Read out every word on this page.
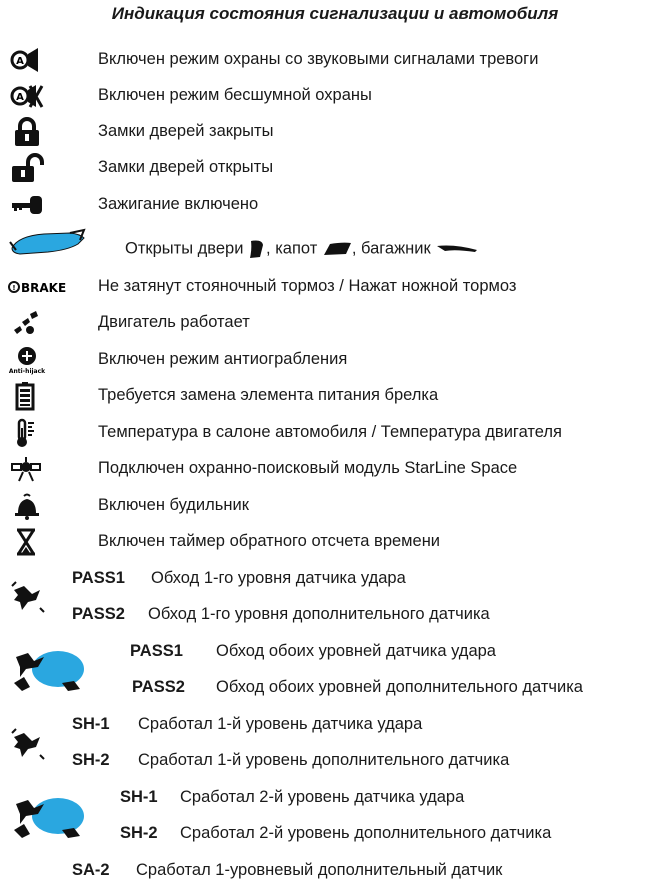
Индикация состояния сигнализации и автомобиля
A	Включен режим охраны со звуковыми сигналами тревоги
A	Включен режим бесшумной охраны
Замки дверей закрыты
Замки дверей открыты
Зажигание включено
Открыты двери , капот , багажник
! BRAKE Не затянут стояночный тормоз / Нажат ножной тормоз
Двигатель работает
Anti-hijack
Включен режим антиограбления
Требуется замена элемента питания брелка
Температура в салоне автомобиля / Температура двигателя
Подключен охранно-поисковый модуль StarLine Space
Включен будильник
Включен таймер обратного отсчета времени
PASS1 Обход 1-го уровня датчика удара
PASS2 Обход 1-го уровня дополнительного датчика
PASS1 Обход обоих уровней датчика удара
PASS2 Обход обоих уровней дополнительного датчика
SH-1 Сработал 1-й уровень датчика удара
SH-2 Сработал 1-й уровень дополнительного датчика
SH-1 Сработал 2-й уровень датчика удара
SH-2 Сработал 2-й уровень дополнительного датчика
SA-2 Сработал 1-уровневый дополнительный датчик
